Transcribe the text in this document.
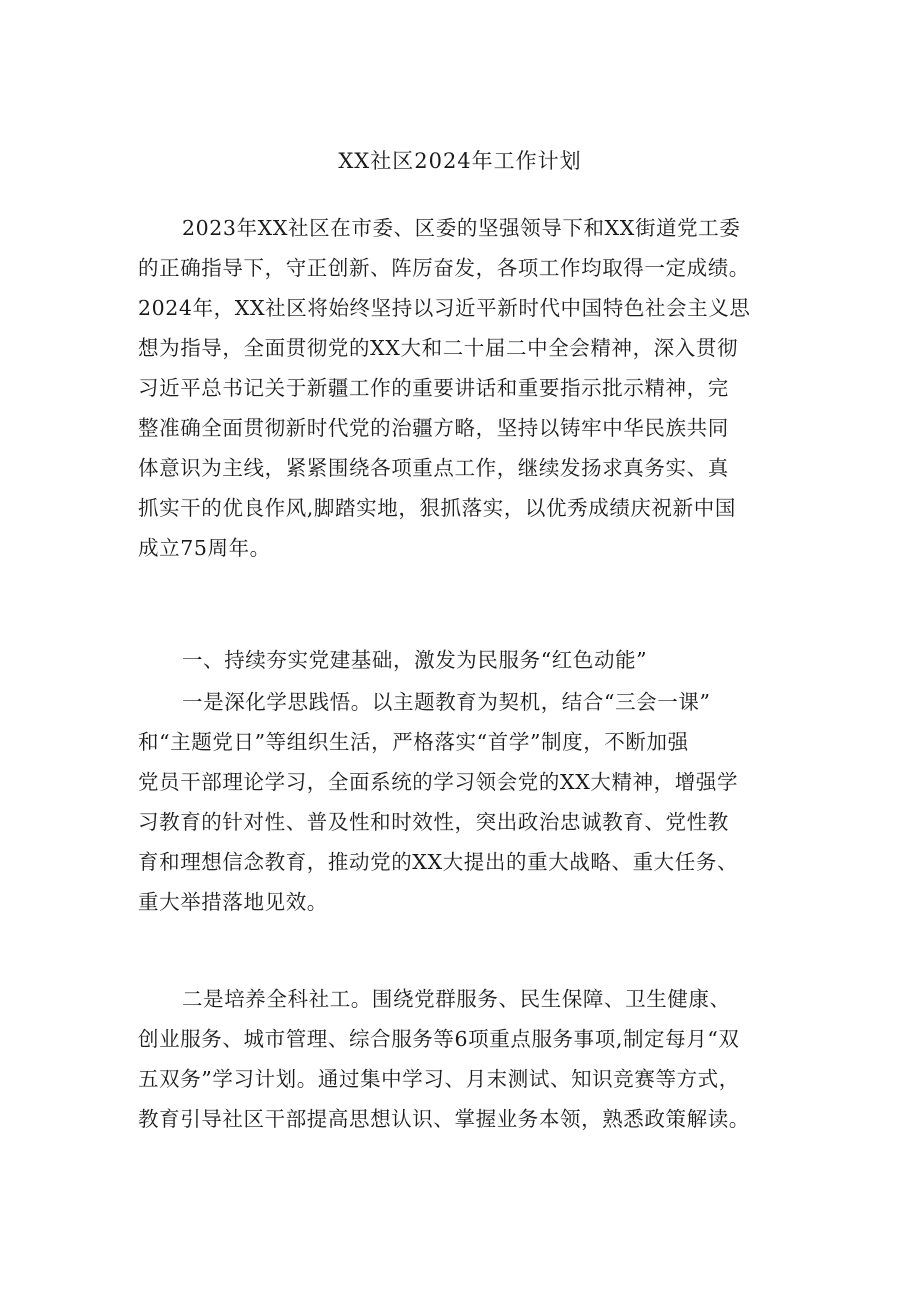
XX社区2024年工作计划
2023年XX社区在市委、区委的坚强领导下和XX街道党工委
的正确指导下，守正创新、阵厉奋发，各项工作均取得一定成绩。
2024年，XX社区将始终坚持以习近平新时代中国特色社会主义思
想为指导，全面贯彻党的XX大和二十届二中全会精神，深入贯彻
习近平总书记关于新疆工作的重要讲话和重要指示批示精神，完
整准确全面贯彻新时代党的治疆方略，坚持以铸牢中华民族共同
体意识为主线，紧紧围绕各项重点工作，继续发扬求真务实、真
抓实干的优良作风,脚踏实地，狠抓落实，以优秀成绩庆祝新中国
成立75周年。
一、持续夯实党建基础，激发为民服务“红色动能”
一是深化学思践悟。以主题教育为契机，结合“三会一课”
和“主题党日”等组织生活，严格落实“首学”制度，不断加强
党员干部理论学习，全面系统的学习领会党的XX大精神，增强学
习教育的针对性、普及性和时效性，突出政治忠诚教育、党性教
育和理想信念教育，推动党的XX大提出的重大战略、重大任务、
重大举措落地见效。
二是培养全科社工。围绕党群服务、民生保障、卫生健康、
创业服务、城市管理、综合服务等6项重点服务事项,制定每月“双
五双务”学习计划。通过集中学习、月末测试、知识竞赛等方式，
教育引导社区干部提高思想认识、掌握业务本领，熟悉政策解读。
